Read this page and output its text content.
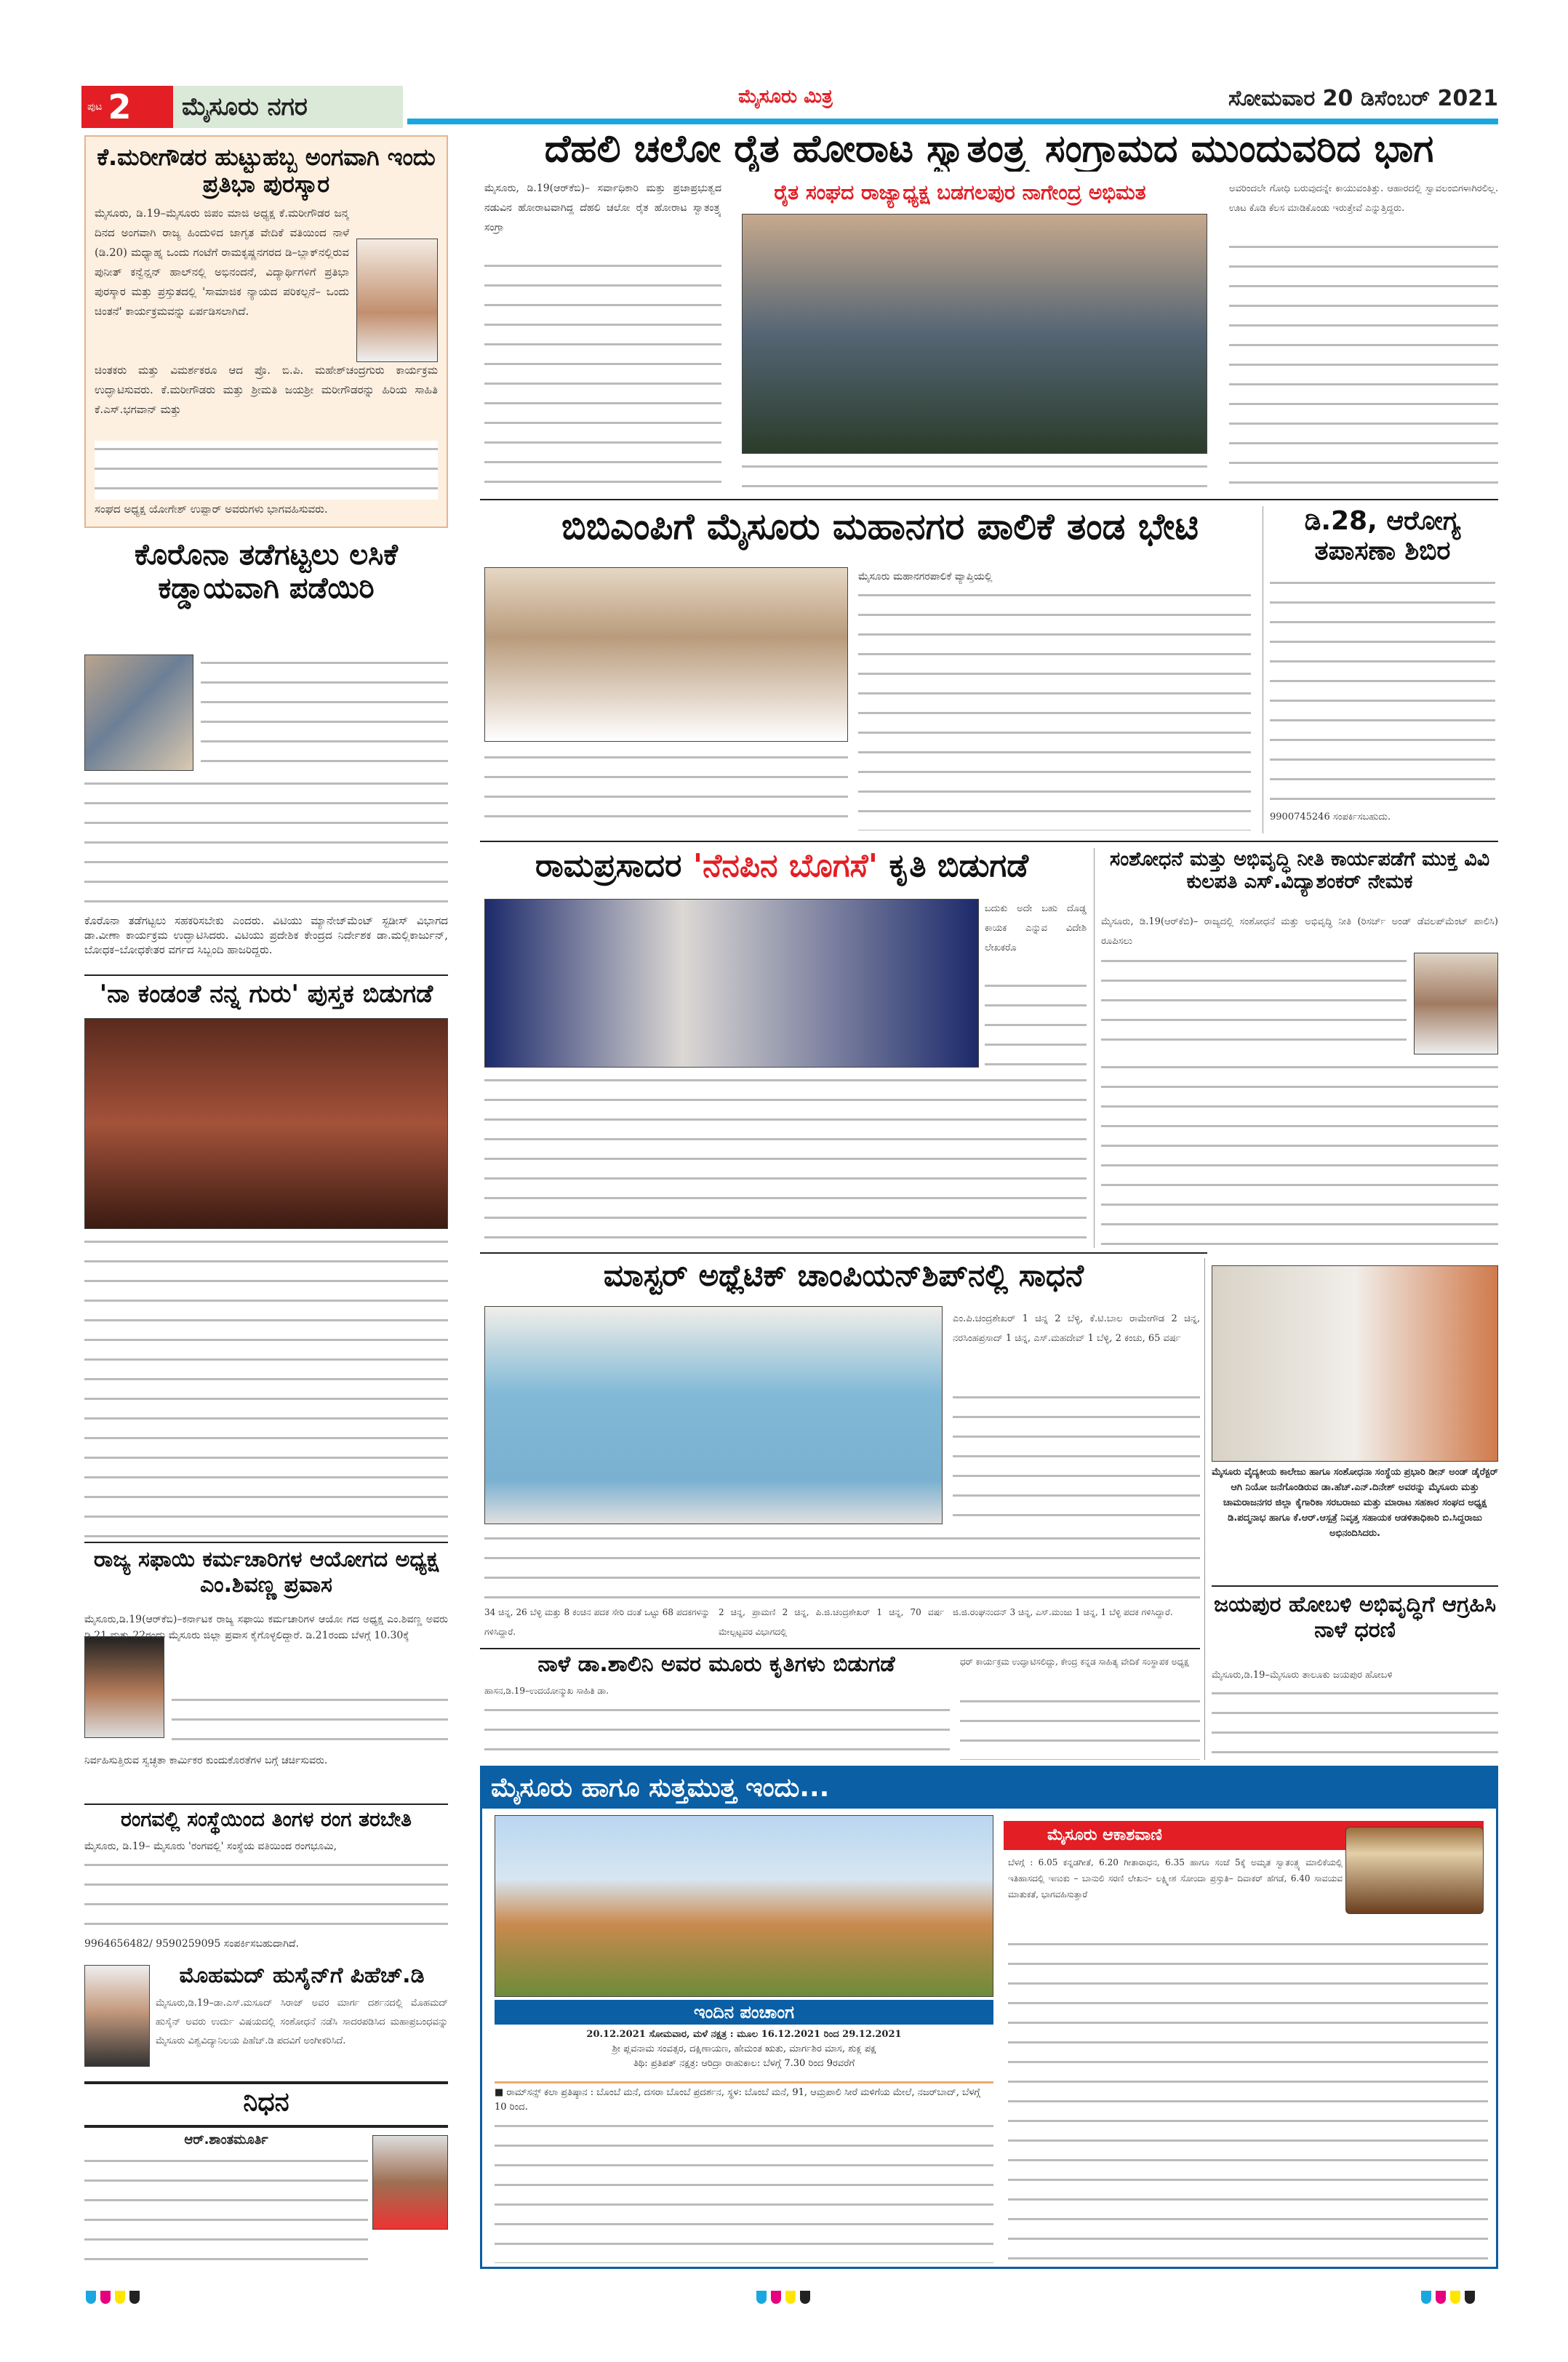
ಪುಟ 2	ಮೈಸೂರು ನಗರ	ಮೈಸೂರು ಮಿತ್ರ	ಸೋಮವಾರ 20 ಡಿಸೆಂಬರ್ 2021
ಕೆ.ಮರೀಗೌಡರ ಹುಟ್ಟುಹಬ್ಬ ಅಂಗವಾಗಿ ಇಂದು ಪ್ರತಿಭಾ ಪುರಸ್ಕಾರ
ಮೈಸೂರು, ಡಿ.19–ಮೈಸೂರು ಜಿಪಂ ಮಾಜಿ ಅಧ್ಯಕ್ಷ ಕೆ.ಮರೀಗೌಡರ ಜನ್ಮ ದಿನದ ಅಂಗವಾಗಿ ರಾಜ್ಯ ಹಿಂದುಳಿದ ಜಾಗೃತ ವೇದಿಕೆ ವತಿಯಿಂದ ನಾಳೆ (ಡಿ.20) ಮಧ್ಯಾಹ್ನ ಒಂದು ಗಂಟೆಗೆ ರಾಮಕೃಷ್ಣನಗರದ ಡಿ–ಬ್ಲಾಕ್‌ನಲ್ಲಿರುವ ಪುನೀತ್ ಕನ್ವೆನ್ಷನ್ ಹಾಲ್‌ನಲ್ಲಿ ಅಭಿನಂದನೆ, ವಿದ್ಯಾರ್ಥಿಗಳಿಗೆ ಪ್ರತಿಭಾ ಪುರಸ್ಕಾರ ಮತ್ತು ಪ್ರಸ್ತುತದಲ್ಲಿ 'ಸಾಮಾಜಿಕ ನ್ಯಾಯದ ಪರಿಕಲ್ಪನೆ– ಒಂದು ಚಿಂತನೆ' ಕಾರ್ಯಕ್ರಮವನ್ನು ಏರ್ಪಡಿಸಲಾಗಿದೆ.
ಚಿಂತಕರು ಮತ್ತು ವಿಮರ್ಶಕರೂ ಆದ ಪ್ರೊ. ಬಿ.ಪಿ. ಮಹೇಶ್‌ಚಂದ್ರಗುರು ಕಾರ್ಯಕ್ರಮ ಉದ್ಘಾಟಿಸುವರು. ಕೆ.ಮರೀಗೌಡರು ಮತ್ತು ಶ್ರೀಮತಿ ಜಯಶ್ರೀ ಮರೀಗೌಡರನ್ನು ಹಿರಿಯ ಸಾಹಿತಿ ಕೆ.ಎಸ್.ಭಗವಾನ್ ಮತ್ತು
ಸಂಘದ ಅಧ್ಯಕ್ಷ ಯೋಗೇಶ್ ಉಪ್ಪಾರ್ ಅವರುಗಳು ಭಾಗವಹಿಸುವರು.
ಕೊರೊನಾ ತಡೆಗಟ್ಟಲು ಲಸಿಕೆ ಕಡ್ಡಾಯವಾಗಿ ಪಡೆಯಿರಿ
ಕೊರೊನಾ ತಡೆಗಟ್ಟಲು ಸಹಕರಿಸಬೇಕು ಎಂದರು. ವಿಟಿಯು ಮ್ಯಾನೇಜ್‌ಮೆಂಟ್ ಸ್ಟಡೀಸ್ ವಿಭಾಗದ ಡಾ.ವೀಣಾ ಕಾರ್ಯಕ್ರಮ ಉದ್ಘಾಟಿಸಿದರು. ವಿಟಿಯು ಪ್ರದೇಶಿಕ ಕೇಂದ್ರದ ನಿರ್ದೇಶಕ ಡಾ.ಮಲ್ಲಿಕಾರ್ಜುನ್, ಬೋಧಕ–ಬೋಧಕೇತರ ವರ್ಗದ ಸಿಬ್ಬಂದಿ ಹಾಜರಿದ್ದರು.
'ನಾ ಕಂಡಂತೆ ನನ್ನ ಗುರು' ಪುಸ್ತಕ ಬಿಡುಗಡೆ
ರಾಜ್ಯ ಸಫಾಯಿ ಕರ್ಮಚಾರಿಗಳ ಆಯೋಗದ ಅಧ್ಯಕ್ಷ ಎಂ.ಶಿವಣ್ಣ ಪ್ರವಾಸ
ಮೈಸೂರು,ಡಿ.19(ಆರ್‌ಕೆಬಿ)–ಕರ್ನಾಟಕ ರಾಜ್ಯ ಸಫಾಯಿ ಕರ್ಮಚಾರಿಗಳ ಆಯೋ ಗದ ಅಧ್ಯಕ್ಷ ಎಂ.ಶಿವಣ್ಣ ಅವರು ಡಿ.21 ಮತ್ತು 22ರಂದು ಮೈಸೂರು ಜಿಲ್ಲಾ ಪ್ರವಾಸ ಕೈಗೊಳ್ಳಲಿದ್ದಾರೆ. ಡಿ.21ರಂದು ಬೆಳಗ್ಗೆ 10.30ಕ್ಕೆ
ನಿರ್ವಹಿಸುತ್ತಿರುವ ಸ್ವಚ್ಛತಾ ಕಾರ್ಮಿಕರ ಕುಂದುಕೊರತೆಗಳ ಬಗ್ಗೆ ಚರ್ಚಿಸುವರು.
ರಂಗವಲ್ಲಿ ಸಂಸ್ಥೆಯಿಂದ ತಿಂಗಳ ರಂಗ ತರಬೇತಿ
ಮೈಸೂರು, ಡಿ.19– ಮೈಸೂರು 'ರಂಗವಲ್ಲಿ' ಸಂಸ್ಥೆಯ ವತಿಯಿಂದ ರಂಗಭೂಮಿ,
9964656482/ 9590259095 ಸಂಪರ್ಕಿಸಬಹುದಾಗಿದೆ.
ಮೊಹಮದ್ ಹುಸೈನ್‌ಗೆ ಪಿಹೆಚ್.ಡಿ
ಮೈಸೂರು,ಡಿ.19–ಡಾ.ಎಸ್.ಮಸೂದ್ ಸಿರಾಜ್ ಅವರ ಮಾರ್ಗ ದರ್ಶನದಲ್ಲಿ ಮೊಹಮದ್ ಹುಸೈನ್ ಅವರು ಉರ್ದು ವಿಷಯದಲ್ಲಿ ಸಂಶೋಧನೆ ನಡೆಸಿ ಸಾದರಪಡಿಸಿದ ಮಹಾಪ್ರಬಂಧವನ್ನು ಮೈಸೂರು ವಿಶ್ವವಿದ್ಯಾನಿಲಯ ಪಿಹೆಚ್.ಡಿ ಪದವಿಗೆ ಅಂಗೀಕರಿಸಿದೆ.
ನಿಧನ
ಆರ್.ಶಾಂತಮೂರ್ತಿ
ದೆಹಲಿ ಚಲೋ ರೈತ ಹೋರಾಟ ಸ್ವಾತಂತ್ರ್ಯ ಸಂಗ್ರಾಮದ ಮುಂದುವರಿದ ಭಾಗ
ರೈತ ಸಂಘದ ರಾಜ್ಯಾಧ್ಯಕ್ಷ ಬಡಗಲಪುರ ನಾಗೇಂದ್ರ ಅಭಿಮತ
ಮೈಸೂರು, ಡಿ.19(ಆರ್‌ಕೆಬಿ)– ಸರ್ವಾಧಿಕಾರಿ ಮತ್ತು ಪ್ರಜಾಪ್ರಭುತ್ವದ ನಡುವಿನ ಹೋರಾಟವಾಗಿದ್ದ ದೆಹಲಿ ಚಲೋ ರೈತ ಹೋರಾಟ ಸ್ವಾತಂತ್ರ್ಯ ಸಂಗ್ರಾ
ಅವರಿಂದಲೇ ಗೋಧಿ ಬರುವುದನ್ನೇ ಕಾಯುವಂತಿತ್ತು. ಆಹಾರದಲ್ಲಿ ಸ್ವಾವಲಂಬಿಗಳಾಗಿರಲಿಲ್ಲ. ಊಟ ಕೊಡಿ ಕೆಲಸ ಮಾಡಿಕೊಂಡು ಇರುತ್ತೇವೆ ಎನ್ನುತ್ತಿದ್ದರು.
ಬಿಬಿಎಂಪಿಗೆ ಮೈಸೂರು ಮಹಾನಗರ ಪಾಲಿಕೆ ತಂಡ ಭೇಟಿ
ಮೈಸೂರು ಮಹಾನಗರಪಾಲಿಕೆ ವ್ಯಾಪ್ತಿಯಲ್ಲಿ
ಡಿ.28, ಆರೋಗ್ಯ ತಪಾಸಣಾ ಶಿಬಿರ
9900745246 ಸಂಪರ್ಕಿಸಬಹುದು.
ರಾಮಪ್ರಸಾದರ 'ನೆನಪಿನ ಬೊಗಸೆ' ಕೃತಿ ಬಿಡುಗಡೆ
ಬದುಕು ಅದೇ ಬಹು ದೊಡ್ಡ ಕಾಯಕ ಎನ್ನುವ ವಿದೇಶಿ ಲೇಖಕರೊ
ಸಂಶೋಧನೆ ಮತ್ತು ಅಭಿವೃದ್ಧಿ ನೀತಿ ಕಾರ್ಯಪಡೆಗೆ ಮುಕ್ತ ವಿವಿ ಕುಲಪತಿ ಎಸ್.ವಿದ್ಯಾಶಂಕರ್ ನೇಮಕ
ಮೈಸೂರು, ಡಿ.19(ಆರ್‌ಕೆಬಿ)– ರಾಜ್ಯದಲ್ಲಿ ಸಂಶೋಧನೆ ಮತ್ತು ಅಭಿವೃದ್ಧಿ ನೀತಿ (ರಿಸರ್ಚ್ ಅಂಡ್ ಡೆವಲಪ್‌ಮೆಂಟ್ ಪಾಲಿಸಿ) ರೂಪಿಸಲು
ಮಾಸ್ಟರ್ ಅಥ್ಲೆಟಿಕ್ ಚಾಂಪಿಯನ್‌ಶಿಪ್‌ನಲ್ಲಿ ಸಾಧನೆ
ಎಂ.ಪಿ.ಚಂದ್ರಶೇಖರ್ 1 ಚಿನ್ನ 2 ಬೆಳ್ಳಿ, ಕೆ.ಟಿ.ಬಾಲ ರಾಮೇಗೌಡ 2 ಚಿನ್ನ, ನರಸಿಂಹಪ್ರಸಾದ್ 1 ಚಿನ್ನ, ಎಸ್.ಮಹದೇವ್ 1 ಬೆಳ್ಳಿ, 2 ಕಂಚು, 65 ವರ್ಷ
34 ಚಿನ್ನ, 26 ಬೆಳ್ಳಿ ಮತ್ತು 8 ಕಂಚಿನ ಪದಕ ಸೇರಿ ದಂತೆ ಒಟ್ಟು 68 ಪದಕಗಳನ್ನು ಗಳಿಸಿದ್ದಾರೆ.
2 ಚಿನ್ನ, ಪ್ರಾಮಣಿ 2 ಚಿನ್ನ, ಪಿ.ಜಿ.ಚಂದ್ರಶೇಖರ್ 1 ಚಿನ್ನ, 70 ವರ್ಷ ಮೇಲ್ಪಟ್ಟವರ ವಿಭಾಗದಲ್ಲಿ
ಜಿ.ಜಿ.ರಂಘನಂದನ್ 3 ಚಿನ್ನ, ಎಸ್.ಮಂಜು 1 ಚಿನ್ನ, 1 ಬೆಳ್ಳಿ ಪದಕ ಗಳಿಸಿದ್ದಾರೆ.
ಮೈಸೂರು ವೈದ್ಯಕೀಯ ಕಾಲೇಜು ಹಾಗೂ ಸಂಶೋಧನಾ ಸಂಸ್ಥೆಯ ಪ್ರಭಾರಿ ಡೀನ್ ಅಂಡ್ ಡೈರೆಕ್ಟರ್ ಆಗಿ ನಿಯೋ ಜನೆಗೊಂಡಿರುವ ಡಾ.ಹೆಚ್.ಎನ್.ದಿನೇಶ್ ಅವರನ್ನು ಮೈಸೂರು ಮತ್ತು ಚಾಮರಾಜನಗರ ಜಿಲ್ಲಾ ಕೈಗಾರಿಕಾ ಸರಬರಾಜು ಮತ್ತು ಮಾರಾಟ ಸಹಕಾರ ಸಂಘದ ಅಧ್ಯಕ್ಷ ಡಿ.ಪದ್ಮನಾಭ ಹಾಗೂ ಕೆ.ಆರ್.ಆಸ್ಪತ್ರೆ ನಿವೃತ್ತ ಸಹಾಯಕ ಆಡಳಿತಾಧಿಕಾರಿ ಬಿ.ಸಿದ್ದರಾಜು ಅಭಿನಂದಿಸಿದರು.
ಜಯಪುರ ಹೋಬಳಿ ಅಭಿವೃದ್ಧಿಗೆ ಆಗ್ರಹಿಸಿ ನಾಳೆ ಧರಣಿ
ಮೈಸೂರು,ಡಿ.19–ಮೈಸೂರು ತಾಲೂಕು ಜಯಪುರ ಹೋಬಳಿ
ನಾಳೆ ಡಾ.ಶಾಲಿನಿ ಅವರ ಮೂರು ಕೃತಿಗಳು ಬಿಡುಗಡೆ
ಹಾಸನ,ಡಿ.19–ಉದಯೋನ್ಮುಖ ಸಾಹಿತಿ ಡಾ.
ಧರ್ ಕಾರ್ಯಕ್ರಮ ಉದ್ಘಾಟಿಸಲಿದ್ದು, ಕೇಂದ್ರ ಕನ್ನಡ ಸಾಹಿತ್ಯ ವೇದಿಕೆ ಸಂಸ್ಥಾಪಕ ಅಧ್ಯಕ್ಷ
ಮೈಸೂರು ಹಾಗೂ ಸುತ್ತಮುತ್ತ ಇಂದು...
ಇಂದಿನ ಪಂಚಾಂಗ
20.12.2021 ಸೋಮವಾರ, ಮಳೆ ನಕ್ಷತ್ರ : ಮೂಲ 16.12.2021 ರಿಂದ 29.12.2021
ಶ್ರೀ ಪ್ಲವನಾಮ ಸಂವತ್ಸರ, ದಕ್ಷಿಣಾಯಣ, ಹೇಮಂತ ಋತು, ಮಾರ್ಗಶಿರ ಮಾಸ, ಶುಕ್ಲ ಪಕ್ಷ
ತಿಥಿ: ಪ್ರತಿಪತ್ ನಕ್ಷತ್ರ: ಆರಿದ್ರಾ ರಾಹುಕಾಲ: ಬೆಳಗ್ಗೆ 7.30 ರಿಂದ 9ರವರೆಗೆ
■ ರಾಮ್‌ಸನ್ಸ್ ಕಲಾ ಪ್ರತಿಷ್ಠಾನ : ಬೊಂಬೆ ಮನೆ, ದಸರಾ ಬೊಂಬೆ ಪ್ರದರ್ಶನ, ಸ್ಥಳ: ಬೊಂಬೆ ಮನೆ, 91, ಆಮ್ರಪಾಲಿ ಸೀರೆ ಮಳಿಗೆಯ ಮೇಲೆ, ನಜರ್‌ಬಾದ್, ಬೆಳಗ್ಗೆ 10 ರಿಂದ.
ಮೈಸೂರು ಆಕಾಶವಾಣಿ
ಬೆಳಗ್ಗೆ : 6.05 ಕನ್ನಡಗೀತೆ, 6.20 ಗೀತಾರಾಧನ, 6.35 ಹಾಗೂ ಸಂಜೆ 5ಕ್ಕೆ ಅಮೃತ ಸ್ವಾತಂತ್ರ್ಯ ಮಾಲಿಕೆಯಲ್ಲಿ ಇತಿಹಾಸದಲ್ಲಿ ಇಣುಕು – ಬಾನುಲಿ ಸರಣಿ ಲೇಖನ– ಲಕ್ಷ್ಮೀಶ ಸೋಂದಾ ಪ್ರಸ್ತುತಿ– ದಿವಾಕರ್ ಹೆಗಡೆ, 6.40 ಸಾವಯವ ಮಾತುಕತೆ, ಭಾಗವಹಿಸುತ್ತಾರೆ
